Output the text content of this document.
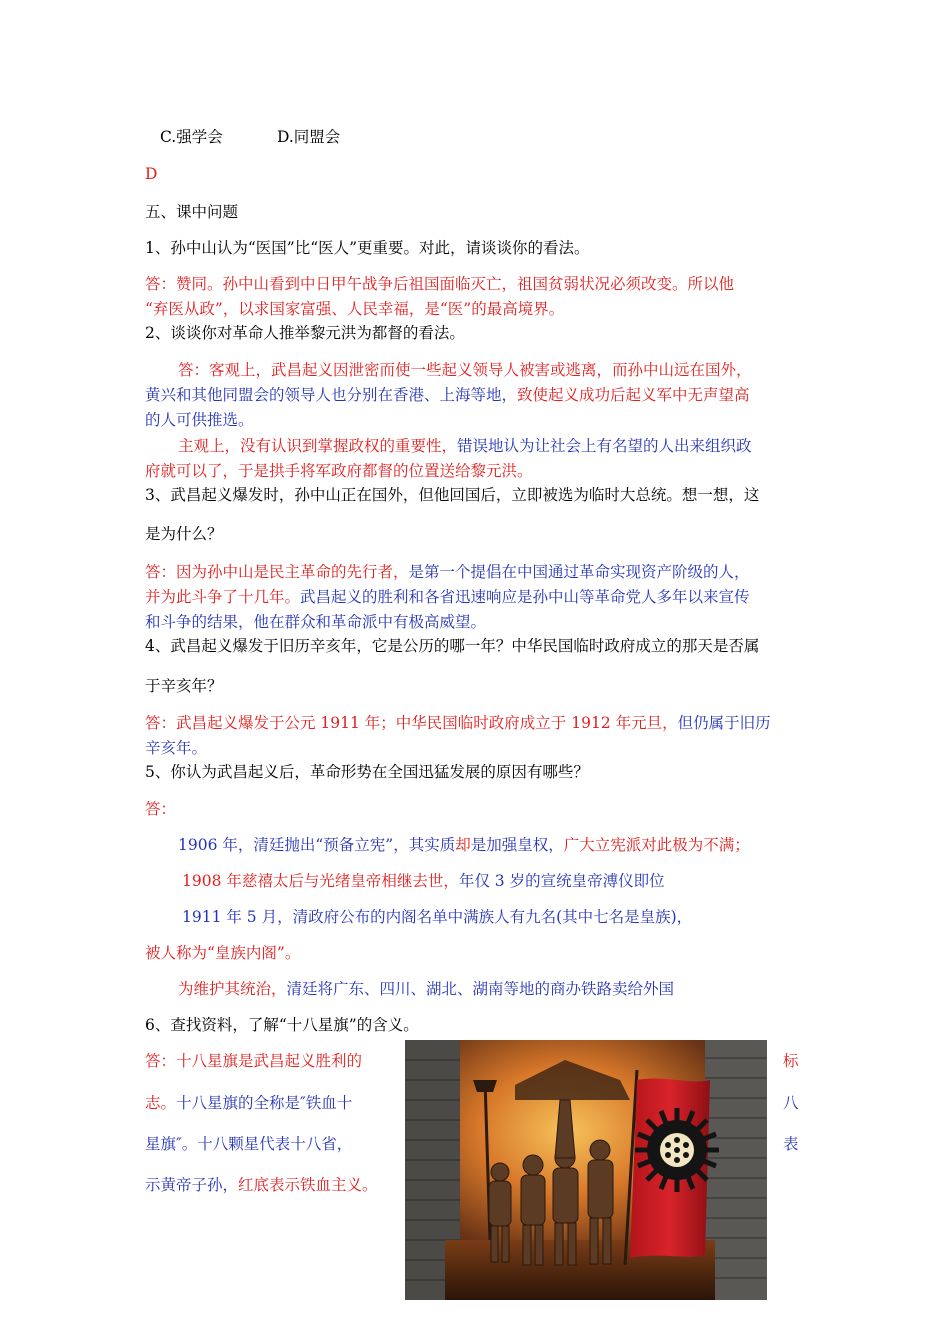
C.强学会	D.同盟会
D
五、课中问题
1、孙中山认为“医国”比“医人”更重要。对此，请谈谈你的看法。
答：赞同。孙中山看到中日甲午战争后祖国面临灭亡，祖国贫弱状况必须改变。所以他
“弃医从政”，以求国家富强、人民幸福，是“医”的最高境界。
2、谈谈你对革命人推举黎元洪为都督的看法。
答：客观上，武昌起义因泄密而使一些起义领导人被害或逃离，而孙中山远在国外，
黄兴和其他同盟会的领导人也分别在香港、上海等地，致使起义成功后起义军中无声望高
的人可供推选。
主观上，没有认识到掌握政权的重要性，错误地认为让社会上有名望的人出来组织政
府就可以了，于是拱手将军政府都督的位置送给黎元洪。
3、武昌起义爆发时，孙中山正在国外，但他回国后，立即被选为临时大总统。想一想，这
是为什么？
答：因为孙中山是民主革命的先行者，是第一个提倡在中国通过革命实现资产阶级的人，
并为此斗争了十几年。武昌起义的胜利和各省迅速响应是孙中山等革命党人多年以来宣传
和斗争的结果，他在群众和革命派中有极高威望。
4、武昌起义爆发于旧历辛亥年，它是公历的哪一年？中华民国临时政府成立的那天是否属
于辛亥年？
答：武昌起义爆发于公元 1911 年；中华民国临时政府成立于 1912 年元旦，但仍属于旧历
辛亥年。
5、你认为武昌起义后，革命形势在全国迅猛发展的原因有哪些？
答：
1906 年，清廷抛出“预备立宪”，其实质却是加强皇权，广大立宪派对此极为不满；
1908 年慈禧太后与光绪皇帝相继去世，年仅 3 岁的宣统皇帝溥仪即位
1911 年 5 月，清政府公布的内阁名单中满族人有九名(其中七名是皇族)，
被人称为“皇族内阁”。
为维护其统治，清廷将广东、四川、湖北、湖南等地的商办铁路卖给外国
6、查找资料，了解“十八星旗”的含义。
答：十八星旗是武昌起义胜利的	标
志。十八星旗的全称是″铁血十	八
星旗″。十八颗星代表十八省，	表
示黄帝子孙，红底表示铁血主义。
